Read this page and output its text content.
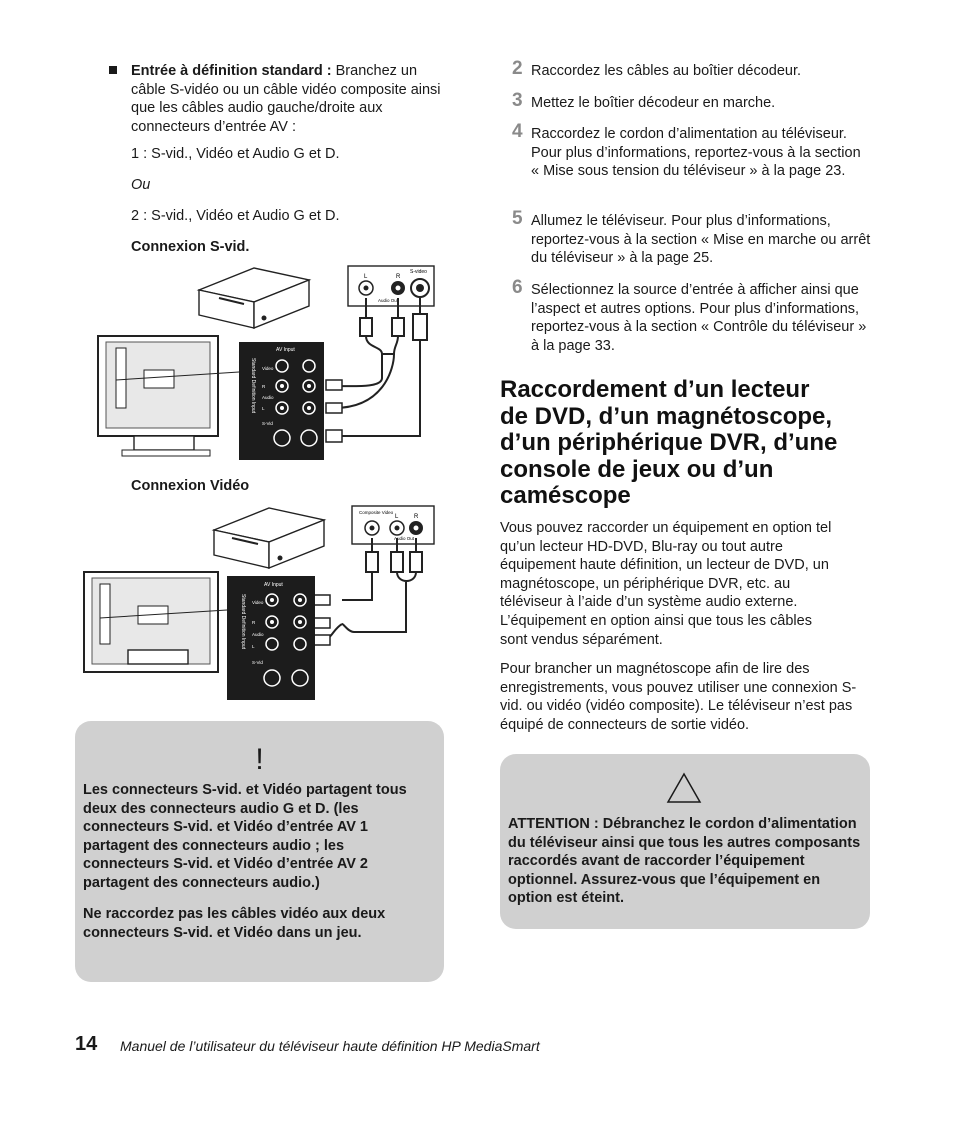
Entrée à définition standard : Branchez un câble S-vidéo ou un câble vidéo composite ainsi que les câbles audio gauche/droite aux connecteurs d’entrée AV :
1 : S-vid., Vidéo et Audio G et D.
Ou
2 : S-vid., Vidéo et Audio G et D.
Connexion S-vid.
L	R
S-video
Audio Out
AV Input
Standard Definition Input Video
R
Audio
L
S-Vid
Connexion Vidéo
Composite Video
L	R
Audio Out
AV Input
Standard Definition Input Video
R
Audio
L
S-Vid
!
Les connecteurs S-vid. et Vidéo partagent tous deux des connecteurs audio G et D. (les connecteurs S-vid. et Vidéo d’entrée AV 1 partagent des connecteurs audio ; les connecteurs S-vid. et Vidéo d’entrée AV 2 partagent des connecteurs audio.)
Ne raccordez pas les câbles vidéo aux deux connecteurs S-vid. et Vidéo dans un jeu.
2 Raccordez les câbles au boîtier décodeur.
3 Mettez le boîtier décodeur en marche.
4 Raccordez le cordon d’alimentation au téléviseur. Pour plus d’informations, reportez-vous à la section « Mise sous tension du téléviseur » à la page 23.
5 Allumez le téléviseur. Pour plus d’informations, reportez-vous à la section « Mise en marche ou arrêt du téléviseur » à la page 25.
6 Sélectionnez la source d’entrée à afficher ainsi que l’aspect et autres options. Pour plus d’informations, reportez-vous à la section « Contrôle du téléviseur » à la page 33.
Raccordement d’un lecteur
de DVD, d’un magnétoscope,
d’un périphérique DVR, d’une
console de jeux ou d’un
caméscope
Vous pouvez raccorder un équipement en option tel qu’un lecteur HD-DVD, Blu-ray ou tout autre équipement haute définition, un lecteur de DVD, un magnétoscope, un périphérique DVR, etc. au téléviseur à l’aide d’un système audio externe. L’équipement en option ainsi que tous les câbles sont vendus séparément.
Pour brancher un magnétoscope afin de lire des enregistrements, vous pouvez utiliser une connexion S-vid. ou vidéo (vidéo composite). Le téléviseur n’est pas équipé de connecteurs de sortie vidéo.
ATTENTION : Débranchez le cordon d’alimentation du téléviseur ainsi que tous les autres composants raccordés avant de raccorder l’équipement optionnel. Assurez-vous que l’équipement en option est éteint.
14 Manuel de l’utilisateur du téléviseur haute définition HP MediaSmart
